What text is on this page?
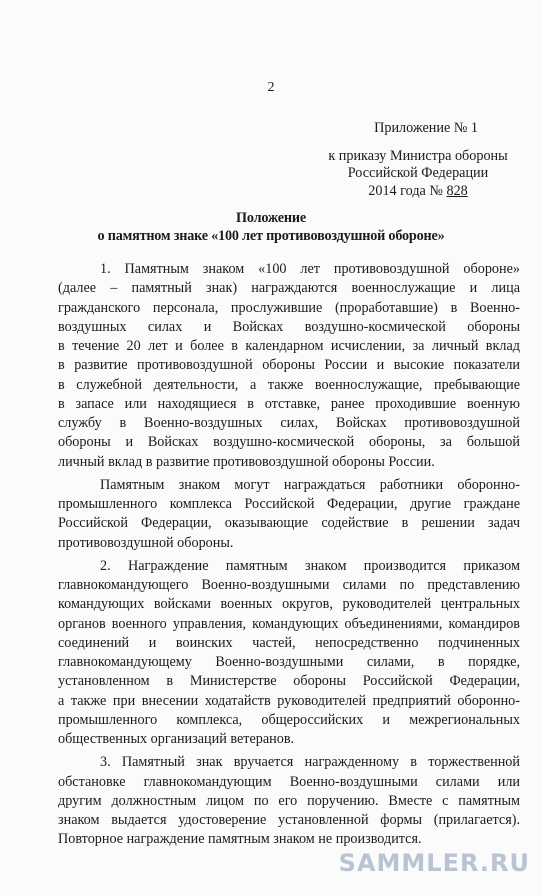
2
Приложение № 1
к приказу Министра обороны
Российской Федерации
2014 года № 828
Положение
о памятном знаке «100 лет противовоздушной обороне»
1. Памятным знаком «100 лет противовоздушной обороне»
(далее – памятный знак) награждаются военнослужащие и лица
гражданского персонала, прослужившие (проработавшие) в Военно-
воздушных силах и Войсках воздушно-космической обороны
в течение 20 лет и более в календарном исчислении, за личный вклад
в развитие противовоздушной обороны России и высокие показатели
в служебной деятельности, а также военнослужащие, пребывающие
в запасе или находящиеся в отставке, ранее проходившие военную
службу в Военно-воздушных силах, Войсках противовоздушной
обороны и Войсках воздушно-космической обороны, за большой
личный вклад в развитие противовоздушной обороны России.
Памятным знаком могут награждаться работники оборонно-
промышленного комплекса Российской Федерации, другие граждане
Российской Федерации, оказывающие содействие в решении задач
противовоздушной обороны.
2. Награждение памятным знаком производится приказом
главнокомандующего Военно-воздушными силами по представлению
командующих войсками военных округов, руководителей центральных
органов военного управления, командующих объединениями, командиров
соединений и воинских частей, непосредственно подчиненных
главнокомандующему Военно-воздушными силами, в порядке,
установленном в Министерстве обороны Российской Федерации,
а также при внесении ходатайств руководителей предприятий оборонно-
промышленного комплекса, общероссийских и межрегиональных
общественных организаций ветеранов.
3. Памятный знак вручается награжденному в торжественной
обстановке главнокомандующим Военно-воздушными силами или
другим должностным лицом по его поручению. Вместе с памятным
знаком выдается удостоверение установленной формы (прилагается).
Повторное награждение памятным знаком не производится.
SAMMLER.RU
